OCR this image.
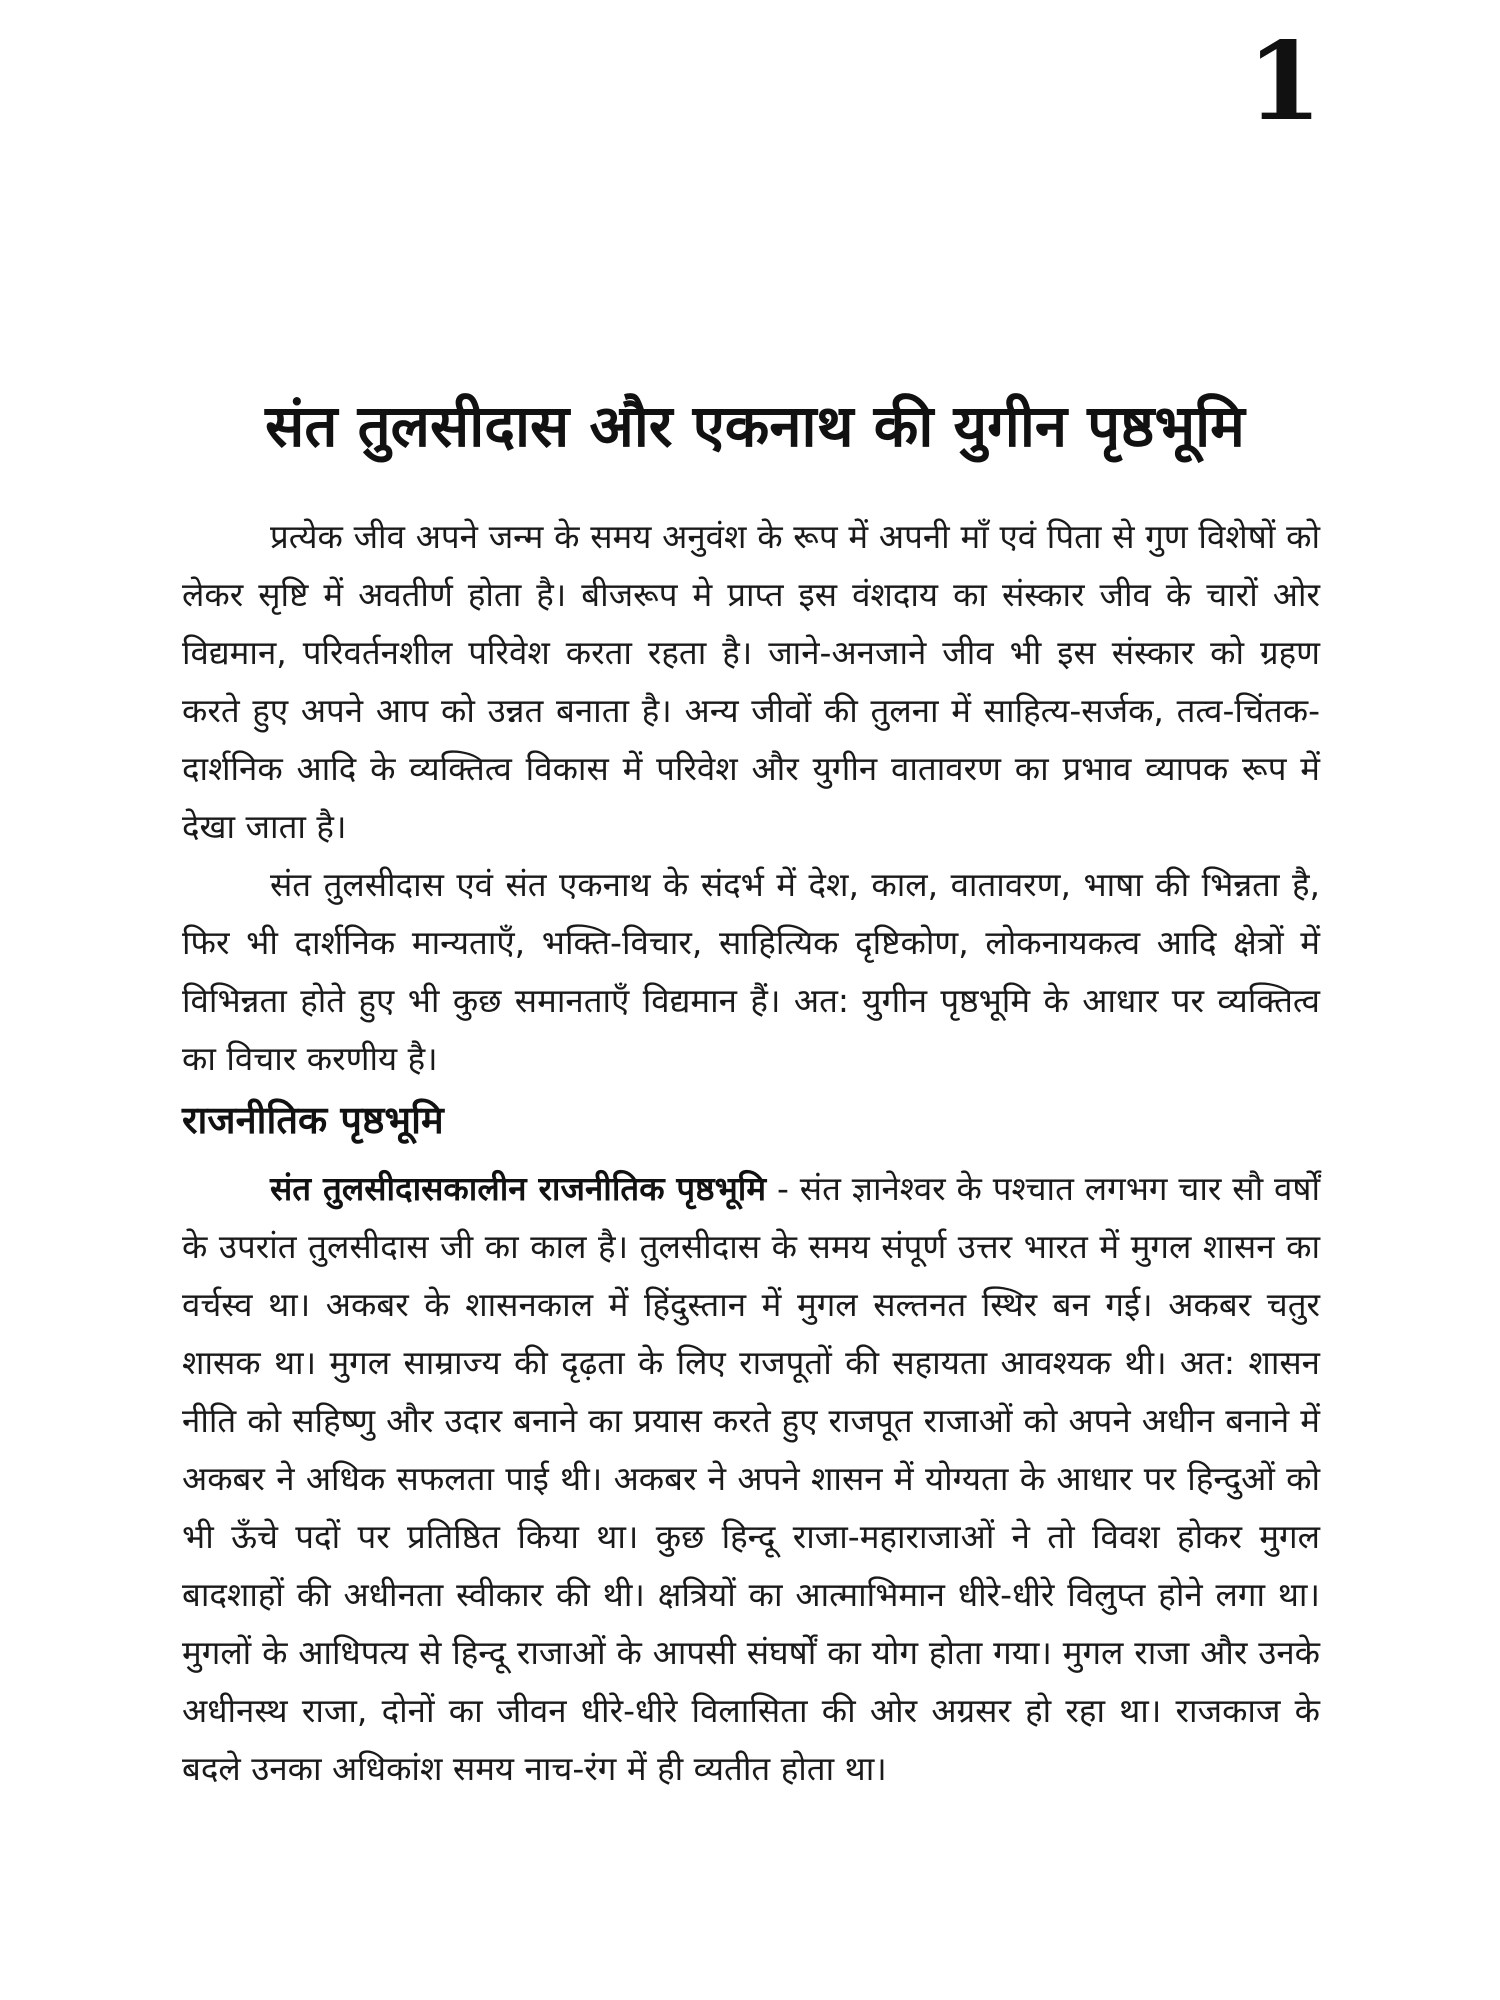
1
संत तुलसीदास और एकनाथ की युगीन पृष्ठभूमि

प्रत्येक जीव अपने जन्म के समय अनुवंश के रूप में अपनी माँ एवं पिता से गुण विशेषों को लेकर सृष्टि में अवतीर्ण होता है। बीजरूप मे प्राप्त इस वंशदाय का संस्कार जीव के चारों ओर विद्यमान, परिवर्तनशील परिवेश करता रहता है। जाने-अनजाने जीव भी इस संस्कार को ग्रहण करते हुए अपने आप को उन्नत बनाता है। अन्य जीवों की तुलना में साहित्य-सर्जक, तत्व-चिंतक-दार्शनिक आदि के व्यक्तित्व विकास में परिवेश और युगीन वातावरण का प्रभाव व्यापक रूप में देखा जाता है।

संत तुलसीदास एवं संत एकनाथ के संदर्भ में देश, काल, वातावरण, भाषा की भिन्नता है, फिर भी दार्शनिक मान्यताएँ, भक्ति-विचार, साहित्यिक दृष्टिकोण, लोकनायकत्व आदि क्षेत्रों में विभिन्नता होते हुए भी कुछ समानताएँ विद्यमान हैं। अत: युगीन पृष्ठभूमि के आधार पर व्यक्तित्व का विचार करणीय है।

राजनीतिक पृष्ठभूमि

संत तुलसीदासकालीन राजनीतिक पृष्ठभूमि - संत ज्ञानेश्वर के पश्चात लगभग चार सौ वर्षों के उपरांत तुलसीदास जी का काल है। तुलसीदास के समय संपूर्ण उत्तर भारत में मुगल शासन का वर्चस्व था। अकबर के शासनकाल में हिंदुस्तान में मुगल सल्तनत स्थिर बन गई। अकबर चतुर शासक था। मुगल साम्राज्य की दृढ़ता के लिए राजपूतों की सहायता आवश्यक थी। अत: शासन नीति को सहिष्णु और उदार बनाने का प्रयास करते हुए राजपूत राजाओं को अपने अधीन बनाने में अकबर ने अधिक सफलता पाई थी। अकबर ने अपने शासन में योग्यता के आधार पर हिन्दुओं को भी ऊँचे पदों पर प्रतिष्ठित किया था। कुछ हिन्दू राजा-महाराजाओं ने तो विवश होकर मुगल बादशाहों की अधीनता स्वीकार की थी। क्षत्रियों का आत्माभिमान धीरे-धीरे विलुप्त होने लगा था। मुगलों के आधिपत्य से हिन्दू राजाओं के आपसी संघर्षों का योग होता गया। मुगल राजा और उनके अधीनस्थ राजा, दोनों का जीवन धीरे-धीरे विलासिता की ओर अग्रसर हो रहा था। राजकाज के बदले उनका अधिकांश समय नाच-रंग में ही व्यतीत होता था।
